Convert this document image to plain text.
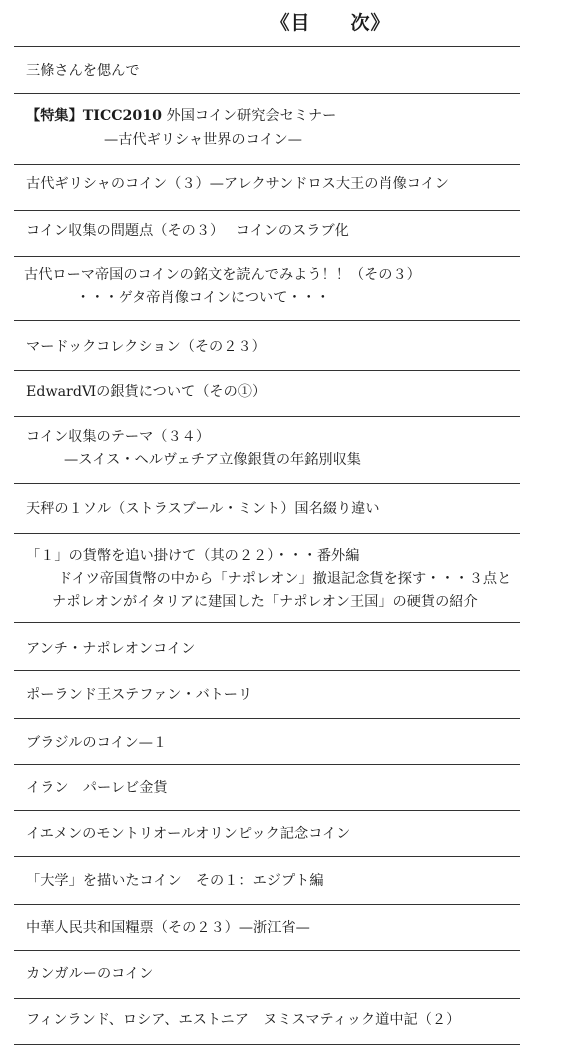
《目　　次》
三條さんを偲んで
【特集】TICC2010 外国コイン研究会セミナー
—古代ギリシャ世界のコイン—
古代ギリシャのコイン（３）—アレクサンドロス大王の肖像コイン
コイン収集の問題点（その３）　 コインのスラブ化
古代ローマ帝国のコインの銘文を読んでみよう！！（その３）
・・・ゲタ帝肖像コインについて・・・
マードックコレクション（その２３）
EdwardⅥの銀貨について（その①）
コイン収集のテーマ（３４）
—スイス・ヘルヴェチア立像銀貨の年銘別収集
天秤の１ソル（ストラスブール・ミント）国名綴り違い
「１」の貨幣を追い掛けて（其の２２）・・・番外編
ドイツ帝国貨幣の中から「ナポレオン」撤退記念貨を探す・・・３点と
ナポレオンがイタリアに建国した「ナポレオン王国」の硬貨の紹介
アンチ・ナポレオンコイン
ポーランド王ステファン・バトーリ
ブラジルのコイン—１
イラン　パーレビ金貨
イエメンのモントリオールオリンピック記念コイン
「大学」を描いたコイン　その１：エジプト編
中華人民共和国糧票（その２３）—浙江省—
カンガルーのコイン
フィンランド、ロシア、エストニア　ヌミスマティック道中記（２）
